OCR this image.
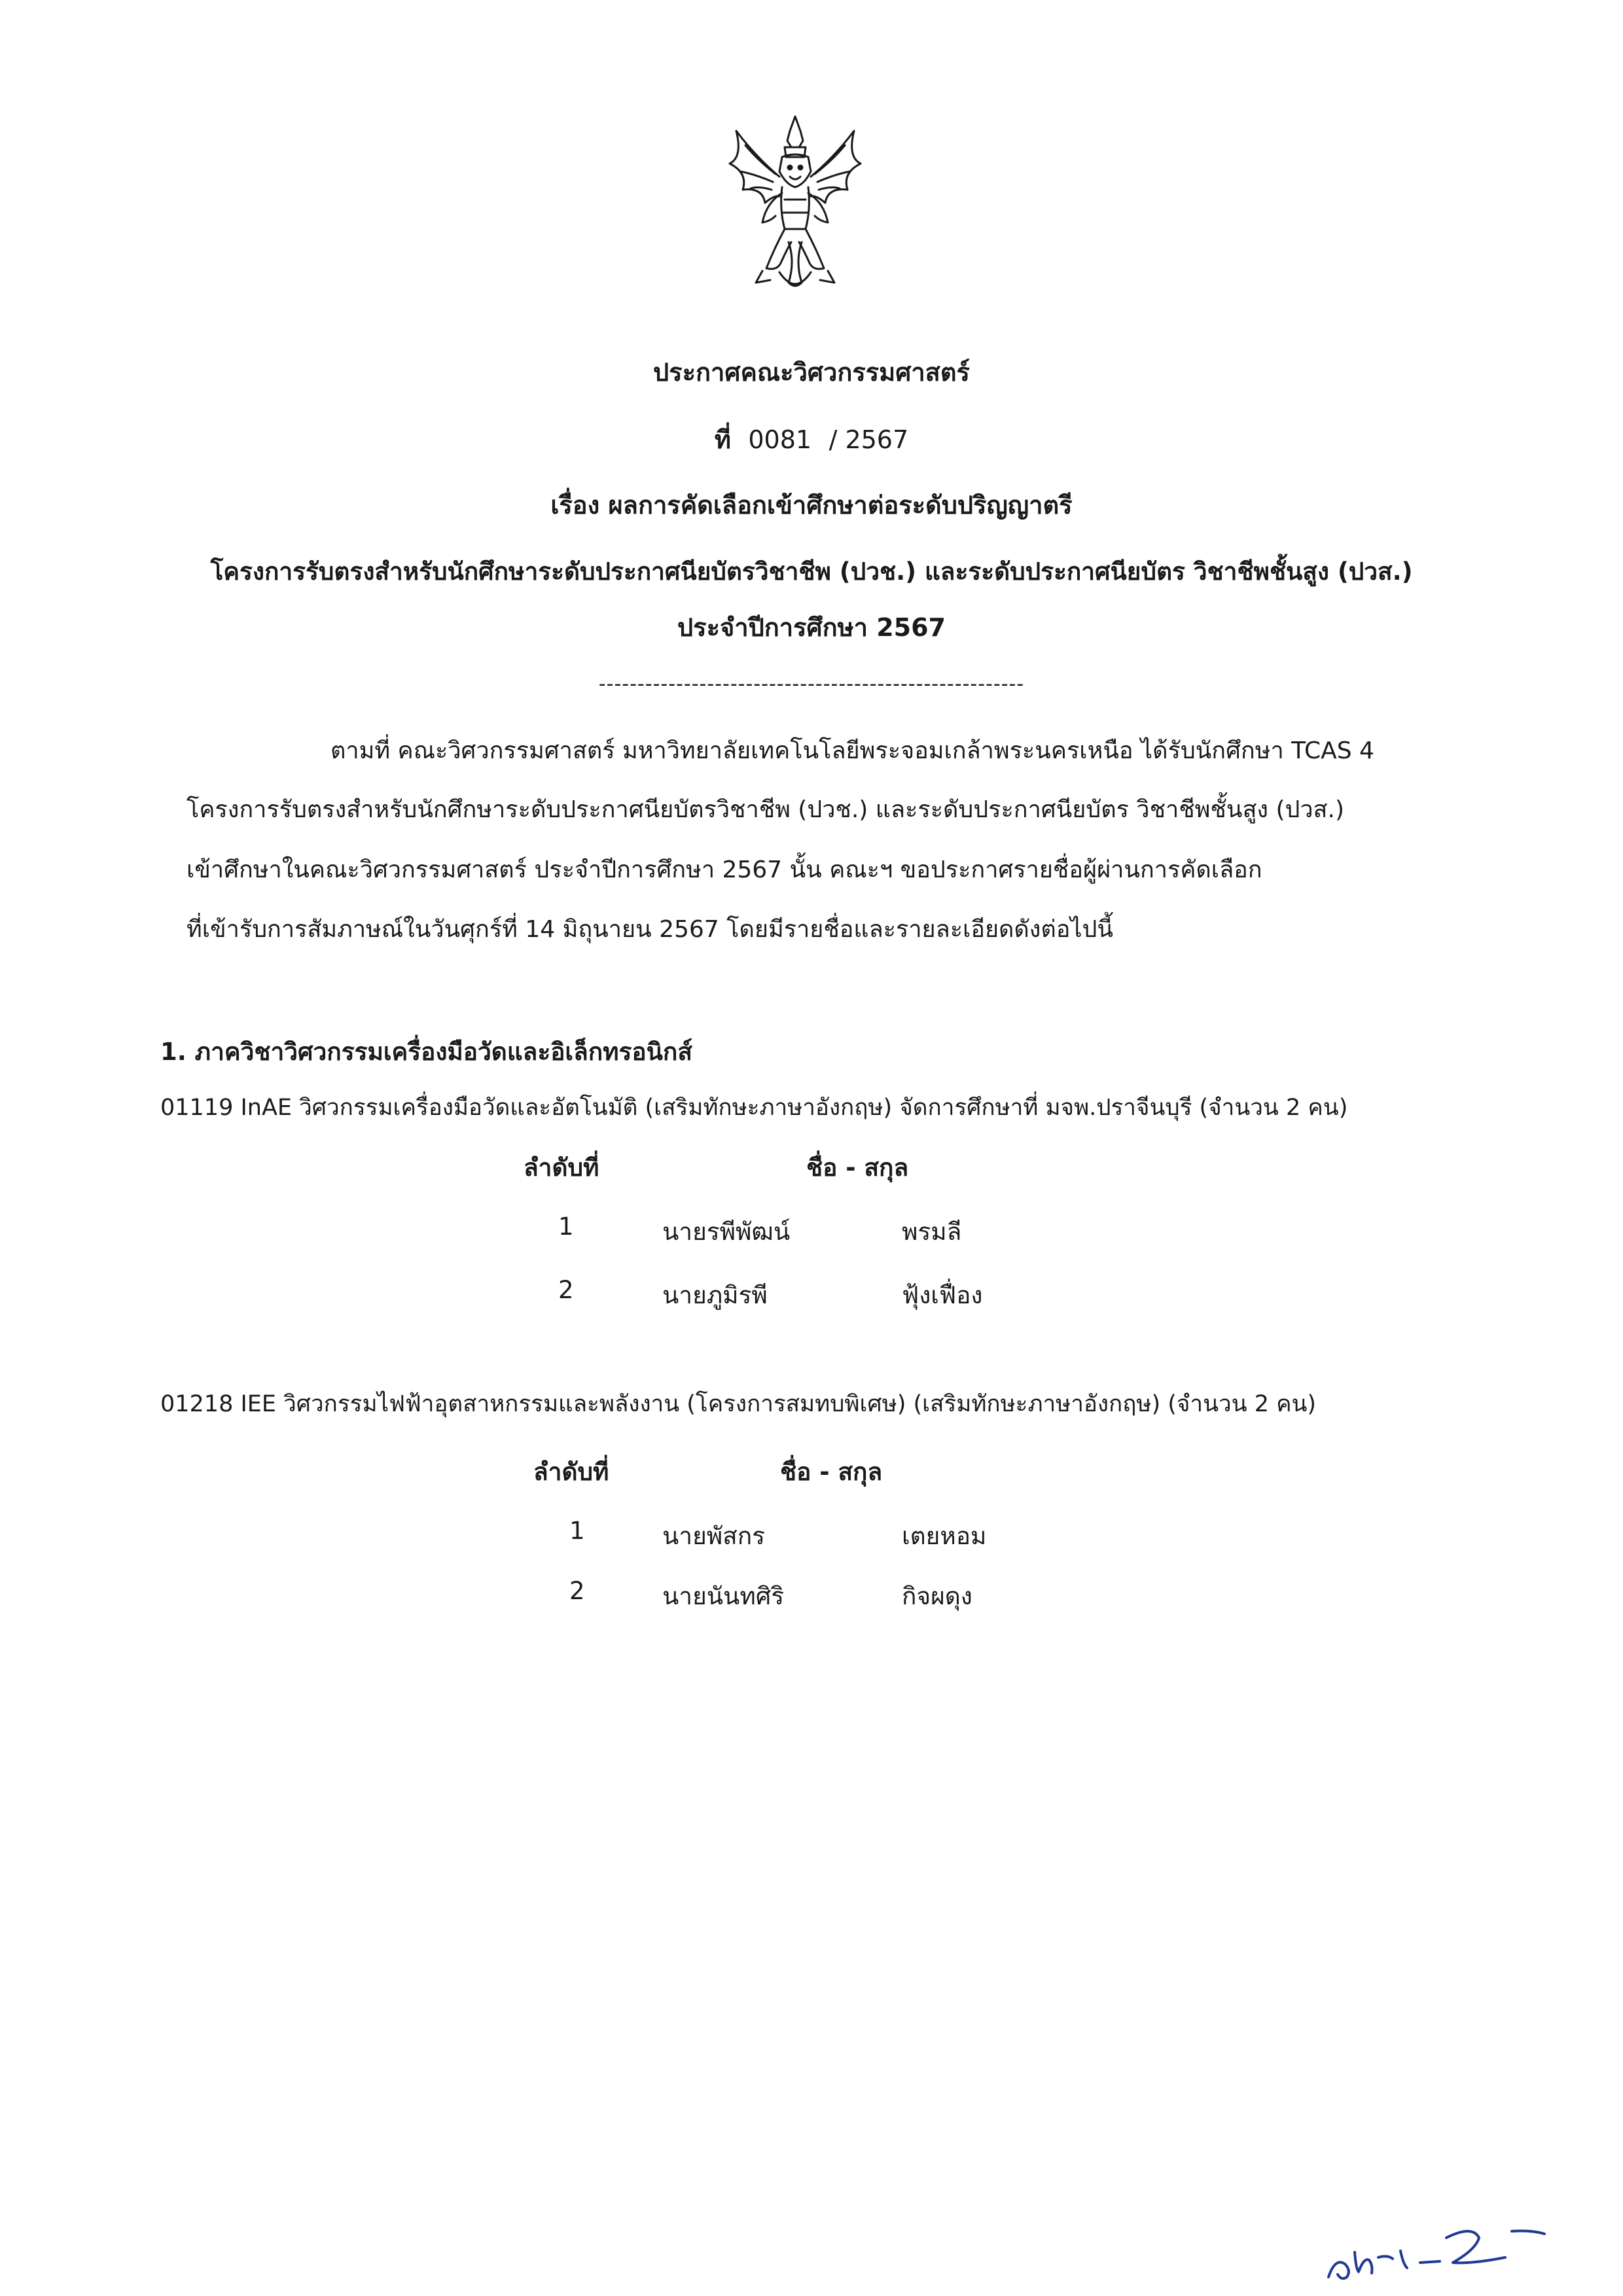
ประกาศคณะวิศวกรรมศาสตร์
ที่ 0081 / 2567
เรื่อง ผลการคัดเลือกเข้าศึกษาต่อระดับปริญญาตรี
โครงการรับตรงสำหรับนักศึกษาระดับประกาศนียบัตรวิชาชีพ (ปวช.) และระดับประกาศนียบัตร วิชาชีพชั้นสูง (ปวส.)
ประจำปีการศึกษา 2567
-------------------------------------------------------
ตามที่ คณะวิศวกรรมศาสตร์ มหาวิทยาลัยเทคโนโลยีพระจอมเกล้าพระนครเหนือ ได้รับนักศึกษา TCAS 4
โครงการรับตรงสำหรับนักศึกษาระดับประกาศนียบัตรวิชาชีพ (ปวช.) และระดับประกาศนียบัตร วิชาชีพชั้นสูง (ปวส.)
เข้าศึกษาในคณะวิศวกรรมศาสตร์ ประจำปีการศึกษา 2567 นั้น คณะฯ ขอประกาศรายชื่อผู้ผ่านการคัดเลือก
ที่เข้ารับการสัมภาษณ์ในวันศุกร์ที่ 14 มิถุนายน 2567 โดยมีรายชื่อและรายละเอียดดังต่อไปนี้
1. ภาควิชาวิศวกรรมเครื่องมือวัดและอิเล็กทรอนิกส์
01119 InAE วิศวกรรมเครื่องมือวัดและอัตโนมัติ (เสริมทักษะภาษาอังกฤษ) จัดการศึกษาที่ มจพ.ปราจีนบุรี (จำนวน 2 คน)
ลำดับที่	ชื่อ - สกุล
1	นายรพีพัฒน์	พรมลี
2	นายภูมิรพี	ฟุ้งเฟื่อง
01218 IEE วิศวกรรมไฟฟ้าอุตสาหกรรมและพลังงาน (โครงการสมทบพิเศษ) (เสริมทักษะภาษาอังกฤษ) (จำนวน 2 คน)
ลำดับที่	ชื่อ - สกุล
1	นายพัสกร	เตยหอม
2	นายนันทศิริ	กิจผดุง
